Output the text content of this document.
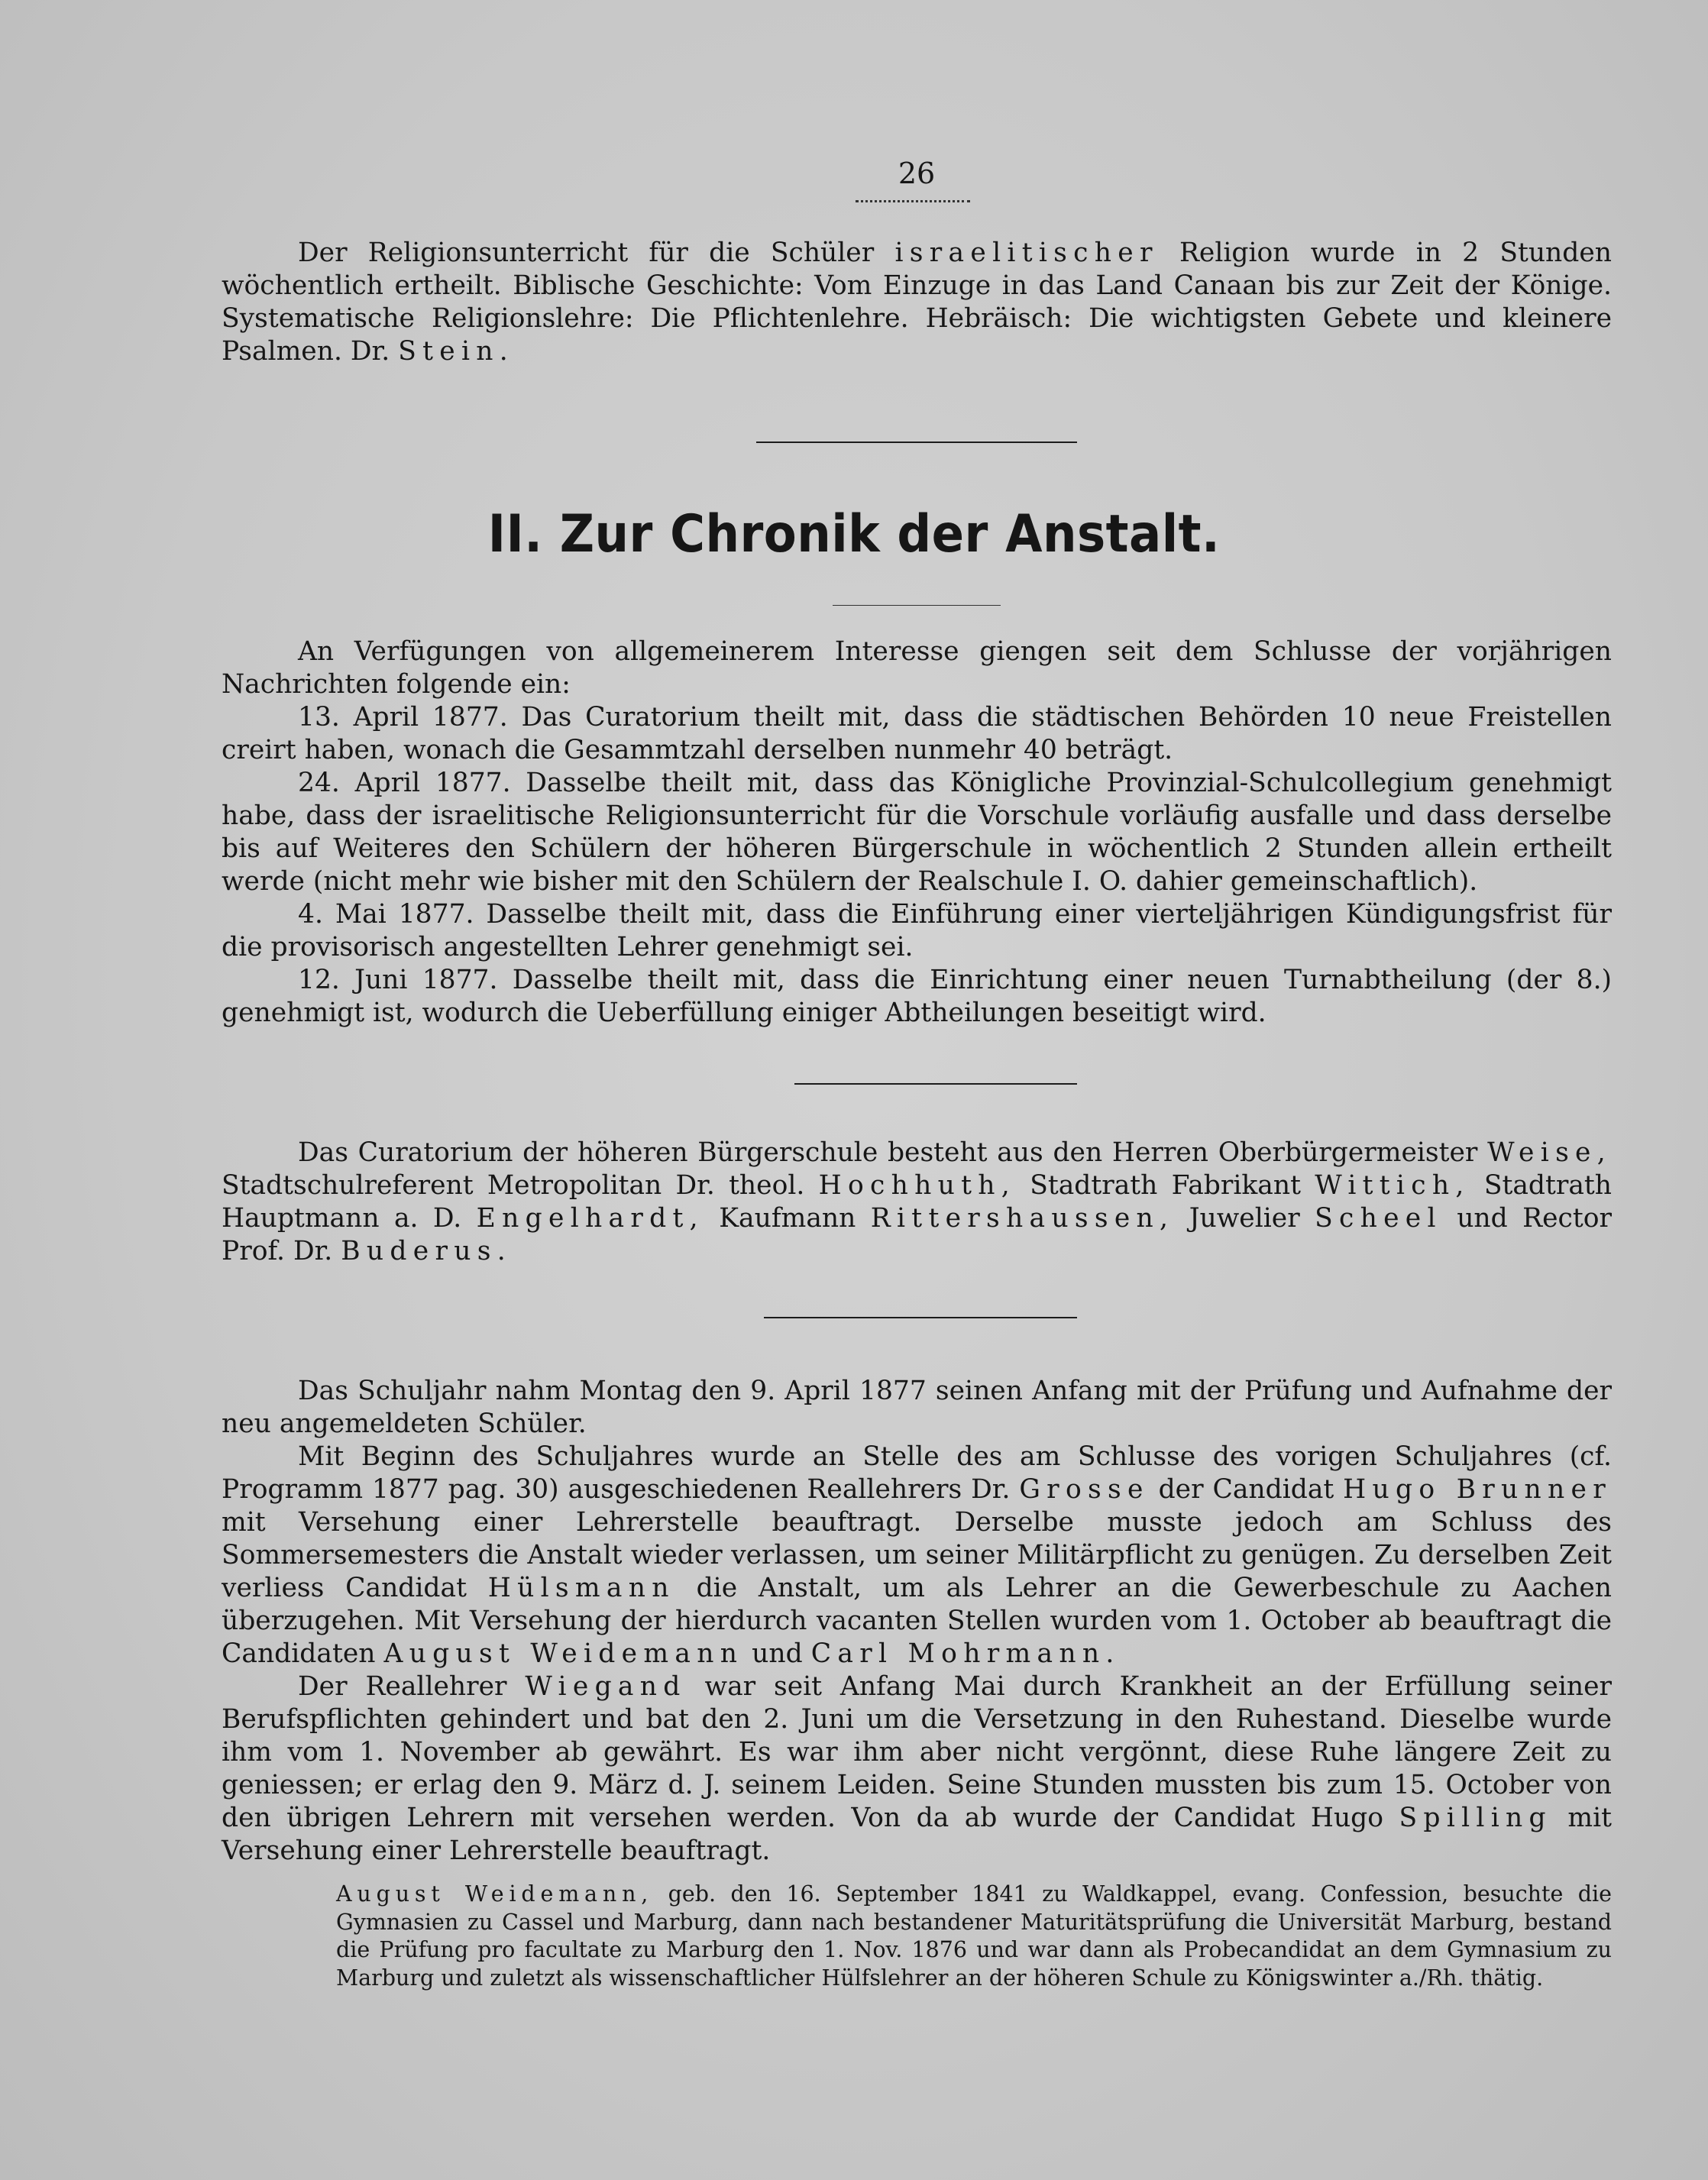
26

Der Religionsunterricht für die Schüler israelitischer Religion wurde in 2 Stunden wöchentlich ertheilt. Biblische Geschichte: Vom Einzuge in das Land Canaan bis zur Zeit der Könige. Systematische Religionslehre: Die Pflichtenlehre. Hebräisch: Die wichtigsten Gebete und kleinere Psalmen. Dr. Stein.

II. Zur Chronik der Anstalt.

An Verfügungen von allgemeinerem Interesse giengen seit dem Schlusse der vorjährigen Nachrichten folgende ein:

13. April 1877. Das Curatorium theilt mit, dass die städtischen Behörden 10 neue Freistellen creirt haben, wonach die Gesammtzahl derselben nunmehr 40 beträgt.

24. April 1877. Dasselbe theilt mit, dass das Königliche Provinzial-Schulcollegium genehmigt habe, dass der israelitische Religionsunterricht für die Vorschule vorläufig ausfalle und dass derselbe bis auf Weiteres den Schülern der höheren Bürgerschule in wöchentlich 2 Stunden allein ertheilt werde (nicht mehr wie bisher mit den Schülern der Realschule I. O. dahier gemeinschaftlich).

4. Mai 1877. Dasselbe theilt mit, dass die Einführung einer vierteljährigen Kündigungsfrist für die provisorisch angestellten Lehrer genehmigt sei.

12. Juni 1877. Dasselbe theilt mit, dass die Einrichtung einer neuen Turnabtheilung (der 8.) genehmigt ist, wodurch die Ueberfüllung einiger Abtheilungen beseitigt wird.

Das Curatorium der höheren Bürgerschule besteht aus den Herren Oberbürgermeister Weise, Stadtschulreferent Metropolitan Dr. theol. Hochhuth, Stadtrath Fabrikant Wittich, Stadtrath Hauptmann a. D. Engelhardt, Kaufmann Rittershaussen, Juwelier Scheel und Rector Prof. Dr. Buderus.

Das Schuljahr nahm Montag den 9. April 1877 seinen Anfang mit der Prüfung und Aufnahme der neu angemeldeten Schüler.

Mit Beginn des Schuljahres wurde an Stelle des am Schlusse des vorigen Schuljahres (cf. Programm 1877 pag. 30) ausgeschiedenen Reallehrers Dr. Grosse der Candidat Hugo Brunner mit Versehung einer Lehrerstelle beauftragt. Derselbe musste jedoch am Schluss des Sommersemesters die Anstalt wieder verlassen, um seiner Militärpflicht zu genügen. Zu derselben Zeit verliess Candidat Hülsmann die Anstalt, um als Lehrer an die Gewerbeschule zu Aachen überzugehen. Mit Versehung der hierdurch vacanten Stellen wurden vom 1. October ab beauftragt die Candidaten August Weidemann und Carl Mohrmann.

Der Reallehrer Wiegand war seit Anfang Mai durch Krankheit an der Erfüllung seiner Berufspflichten gehindert und bat den 2. Juni um die Versetzung in den Ruhestand. Dieselbe wurde ihm vom 1. November ab gewährt. Es war ihm aber nicht vergönnt, diese Ruhe längere Zeit zu geniessen; er erlag den 9. März d. J. seinem Leiden. Seine Stunden mussten bis zum 15. October von den übrigen Lehrern mit versehen werden. Von da ab wurde der Candidat Hugo Spilling mit Versehung einer Lehrerstelle beauftragt.

August Weidemann, geb. den 16. September 1841 zu Waldkappel, evang. Confession, besuchte die Gymnasien zu Cassel und Marburg, dann nach bestandener Maturitätsprüfung die Universität Marburg, bestand die Prüfung pro facultate zu Marburg den 1. Nov. 1876 und war dann als Probecandidat an dem Gymnasium zu Marburg und zuletzt als wissenschaftlicher Hülfslehrer an der höheren Schule zu Königswinter a./Rh. thätig.
